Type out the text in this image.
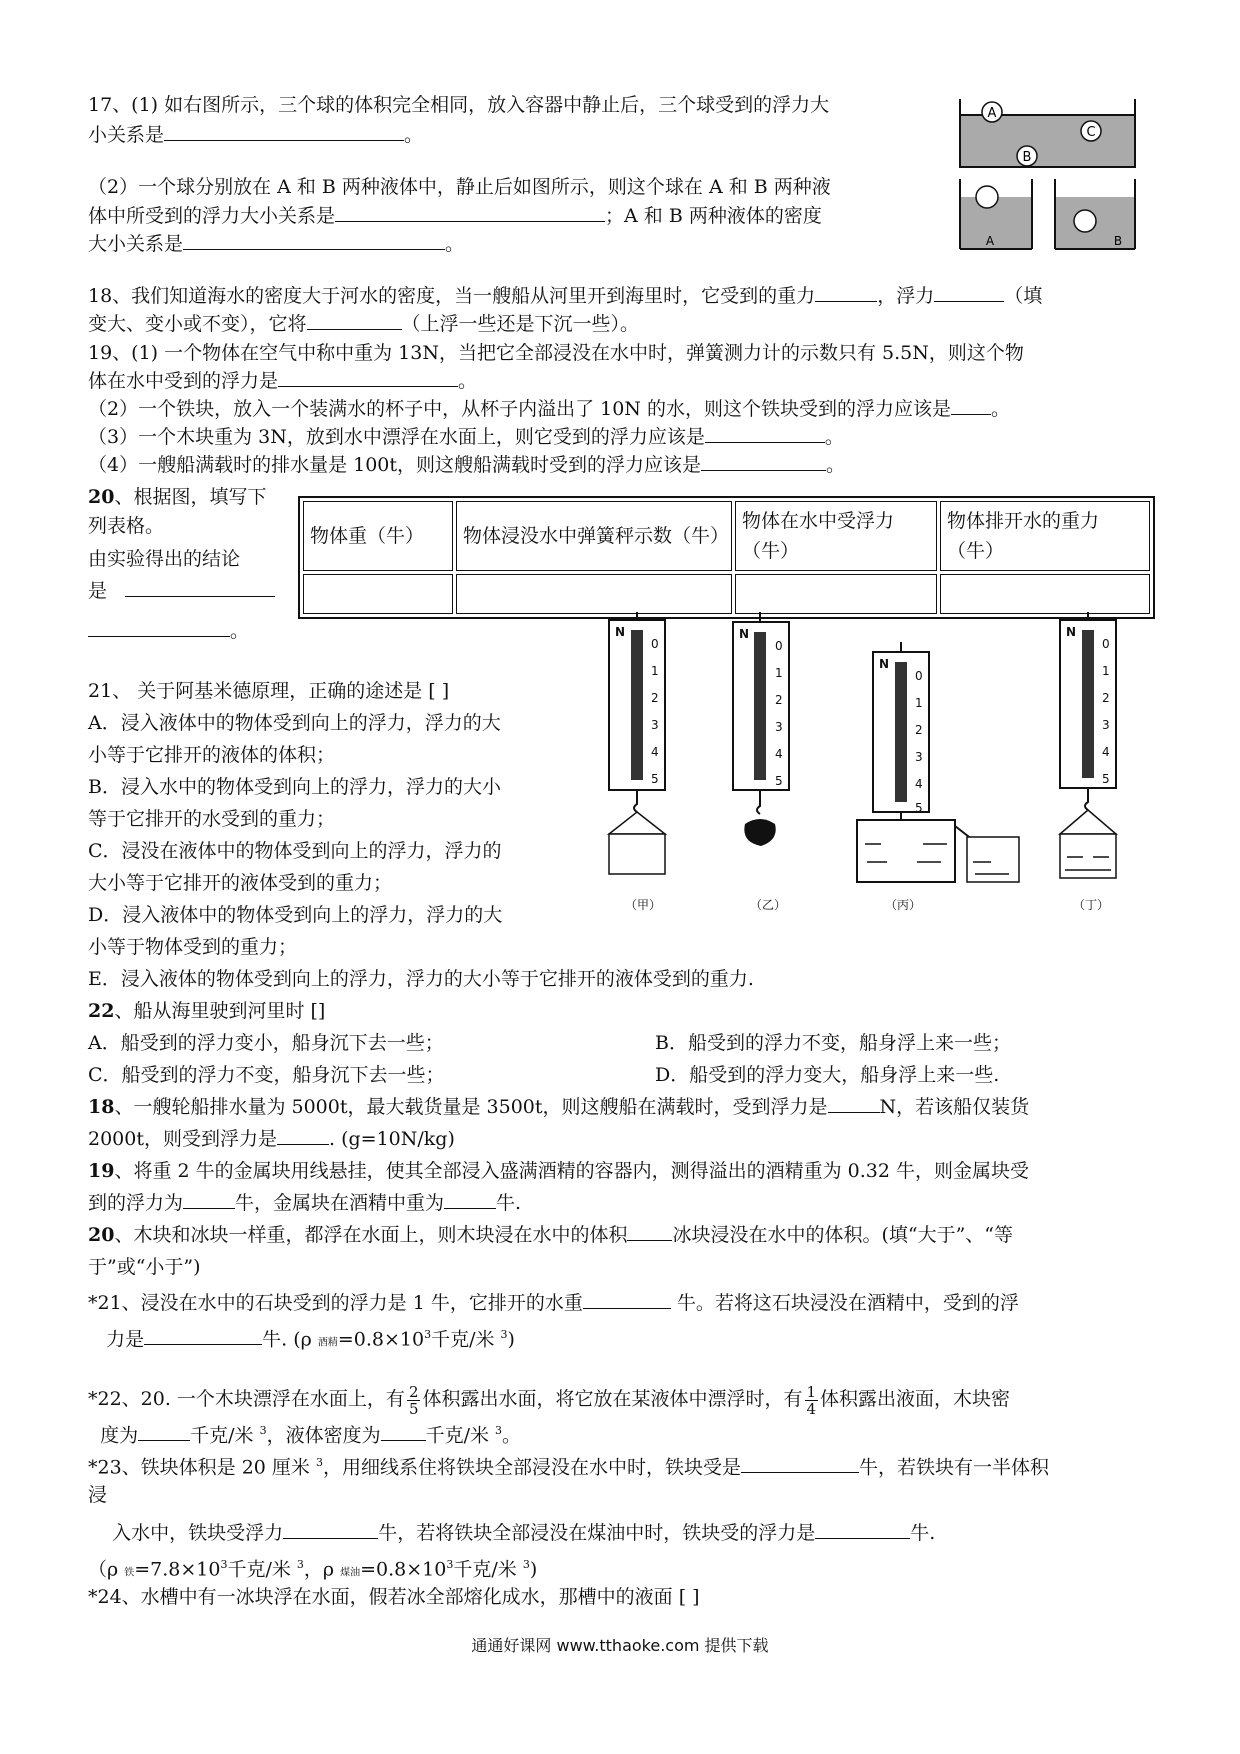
17、(1) 如右图所示，三个球的体积完全相同，放入容器中静止后，三个球受到的浮力大
小关系是	。
（2）一个球分别放在 A 和 B 两种液体中，静止后如图所示，则这个球在 A 和 B 两种液
体中所受到的浮力大小关系是	；A 和 B 两种液体的密度
大小关系是	。
A
C
B
A	B
18、我们知道海水的密度大于河水的密度，当一艘船从河里开到海里时，它受到的重力	，浮力	（填
变大、变小或不变），它将	（上浮一些还是下沉一些）。
19、(1) 一个物体在空气中称中重为 13N，当把它全部浸没在水中时，弹簧测力计的示数只有 5.5N，则这个物
体在水中受到的浮力是	。
（2）一个铁块，放入一个装满水的杯子中，从杯子内溢出了 10N 的水，则这个铁块受到的浮力应该是 。
（3）一个木块重为 3N，放到水中漂浮在水面上，则它受到的浮力应该是	。
（4）一艘船满载时的排水量是 100t，则这艘船满载时受到的浮力应该是	。
20、根据图，填写下
列表格。
由实验得出的结论
是
。
物体重（牛）	物体浸没水中弹簧秤示数（牛）	物体在水中受浮力（牛）	物体排开水的重力（牛）

N
0
1
2
3
4
5
（甲）
N
0
1
2
3
4
5
（乙）
N
0
1
2
3
4
5
（丙）
N
0
1
2
3
4
5
（丁）
21、 关于阿基米德原理，正确的途述是 [ ]
A．浸入液体中的物体受到向上的浮力，浮力的大
小等于它排开的液体的体积；
B．浸入水中的物体受到向上的浮力，浮力的大小
等于它排开的水受到的重力；
C．浸没在液体中的物体受到向上的浮力，浮力的
大小等于它排开的液体受到的重力；
D．浸入液体中的物体受到向上的浮力，浮力的大
小等于物体受到的重力；
E．浸入液体的物体受到向上的浮力，浮力的大小等于它排开的液体受到的重力.
22、船从海里驶到河里时 []
A．船受到的浮力变小，船身沉下去一些；	B．船受到的浮力不变，船身浮上来一些；
C．船受到的浮力不变，船身沉下去一些；	D．船受到的浮力变大，船身浮上来一些.
18、一艘轮船排水量为 5000t，最大载货量是 3500t，则这艘船在满载时，受到浮力是	N，若该船仅装货
2000t，则受到浮力是	. (g=10N/kg)
19、将重 2 牛的金属块用线悬挂，使其全部浸入盛满酒精的容器内，测得溢出的酒精重为 0.32 牛，则金属块受
到的浮力为	牛，金属块在酒精中重为	牛.
20、木块和冰块一样重，都浮在水面上，则木块浸在水中的体积 冰块浸没在水中的体积。(填“大于”、“等
于”或“小于”)
*21、浸没在水中的石块受到的浮力是 1 牛，它排开的水重	牛。若将这石块浸没在酒精中，受到的浮
力是	牛. (ρ 酒精$=0.8\times 10^3$千克/米 $^3$)
*22、20. 一个木块漂浮在水面上，有 $\frac{2}{5}$ 体积露出水面，将它放在某液体中漂浮时，有 $\frac{1}{4}$ 体积露出液面，木块密
度为	千克/米 $^3$，液体密度为 千克/米 $^3$。
*23、铁块体积是 20 厘米 $^3$，用细线系住将铁块全部浸没在水中时，铁块受是	牛，若铁块有一半体积
浸
入水中，铁块受浮力	牛，若将铁块全部浸没在煤油中时，铁块受的浮力是	牛.
（ρ 铁$=7.8\times 10^3$千克/米 $^3$，ρ 煤油$=0.8\times 10^3$千克/米 $^3$)
*24、水槽中有一冰块浮在水面，假若冰全部熔化成水，那槽中的液面 [ ]
通通好课网 www.tthaoke.com 提供下载
